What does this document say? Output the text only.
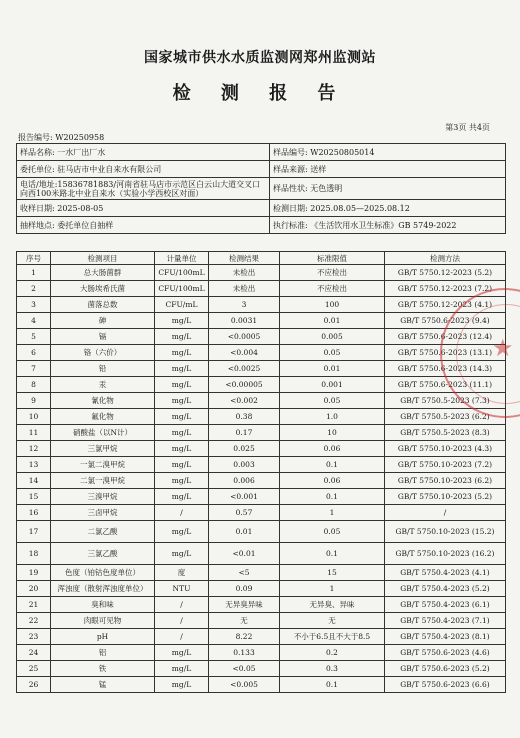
国家城市供水水质监测网郑州监测站
检 测 报 告
第3页 共4页
报告编号: W20250958
样品名称: 一水厂出厂水	样品编号: W20250805014
委托单位: 驻马店市中业自来水有限公司	样品来源: 送样
电话/地址:15836781883/河南省驻马店市示范区白云山大道交叉口向西100米路北中业自来水（实验小学西校区对面）	样品性状: 无色透明
收样日期: 2025-08-05	检测日期: 2025.08.05—2025.08.12
抽样地点: 委托单位自抽样	执行标准: 《生活饮用水卫生标准》GB 5749-2022
序号	检测项目	计量单位	检测结果	标准限值	检测方法
1	总大肠菌群	CFU/100mL	未检出	不应检出	GB/T 5750.12-2023 (5.2)
2	大肠埃希氏菌	CFU/100mL	未检出	不应检出	GB/T 5750.12-2023 (7.2)
3	菌落总数	CFU/mL	3	100	GB/T 5750.12-2023 (4.1)
4	砷	mg/L	0.0031	0.01	GB/T 5750.6-2023 (9.4)
5	镉	mg/L	<0.0005	0.005	GB/T 5750.6-2023 (12.4)
6	铬（六价）	mg/L	<0.004	0.05	GB/T 5750.6-2023 (13.1)
7	铅	mg/L	<0.0025	0.01	GB/T 5750.6-2023 (14.3)
8	汞	mg/L	<0.00005	0.001	GB/T 5750.6-2023 (11.1)
9	氰化物	mg/L	<0.002	0.05	GB/T 5750.5-2023 (7.3)
10	氟化物	mg/L	0.38	1.0	GB/T 5750.5-2023 (6.2)
11	硝酸盐（以N计）	mg/L	0.17	10	GB/T 5750.5-2023 (8.3)
12	三氯甲烷	mg/L	0.025	0.06	GB/T 5750.10-2023 (4.3)
13	一氯二溴甲烷	mg/L	0.003	0.1	GB/T 5750.10-2023 (7.2)
14	二氯一溴甲烷	mg/L	0.006	0.06	GB/T 5750.10-2023 (6.2)
15	三溴甲烷	mg/L	<0.001	0.1	GB/T 5750.10-2023 (5.2)
16	三卤甲烷	/	0.57	1	/
17	二氯乙酸	mg/L	0.01	0.05	GB/T 5750.10-2023 (15.2)
18	三氯乙酸	mg/L	<0.01	0.1	GB/T 5750.10-2023 (16.2)
19	色度（铂钴色度单位）	度	<5	15	GB/T 5750.4-2023 (4.1)
20	浑浊度（散射浑浊度单位）	NTU	0.09	1	GB/T 5750.4-2023 (5.2)
21	臭和味	/	无异臭异味	无异臭、异味	GB/T 5750.4-2023 (6.1)
22	肉眼可见物	/	无	无	GB/T 5750.4-2023 (7.1)
23	pH	/	8.22	不小于6.5且不大于8.5	GB/T 5750.4-2023 (8.1)
24	铝	mg/L	0.133	0.2	GB/T 5750.6-2023 (4.6)
25	铁	mg/L	<0.05	0.3	GB/T 5750.6-2023 (5.2)
26	锰	mg/L	<0.005	0.1	GB/T 5750.6-2023 (6.6)
★
